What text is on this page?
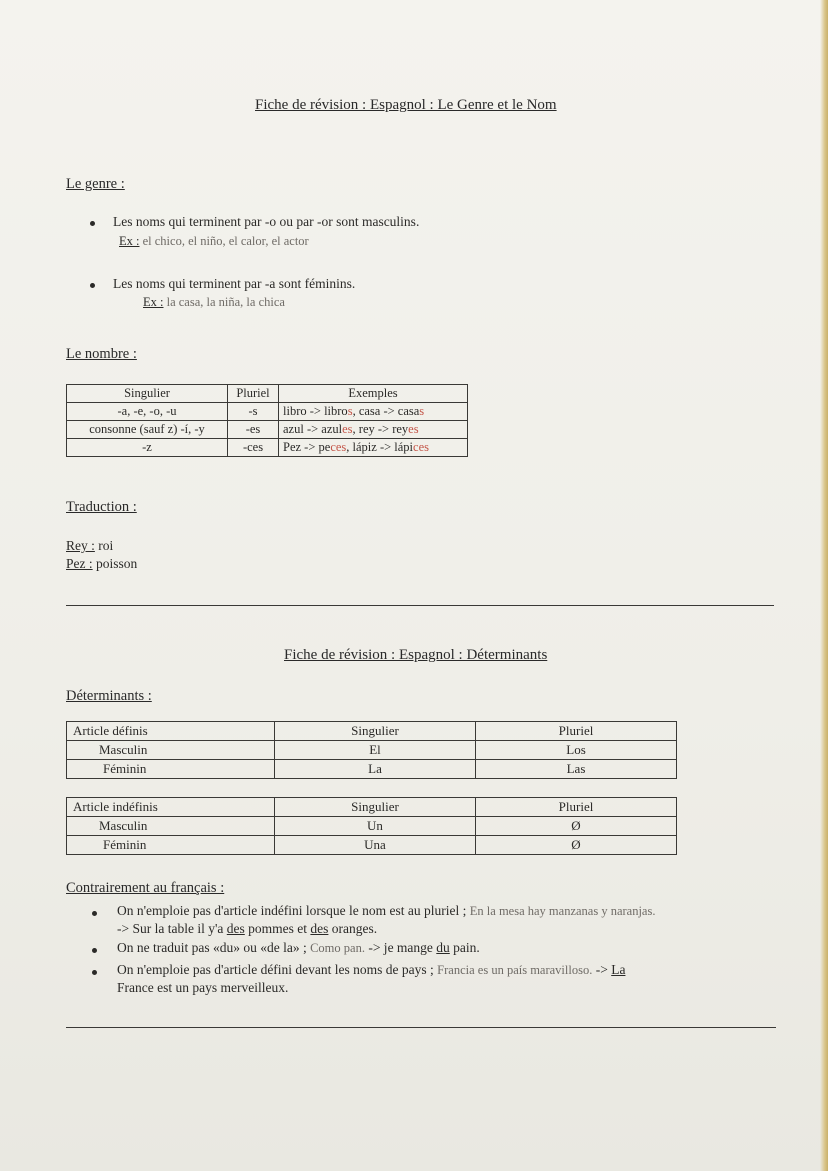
Fiche de révision : Espagnol : Le Genre et le Nom
Le genre :
Les noms qui terminent par -o ou par -or sont masculins.
Ex : el chico, el niño, el calor, el actor
Les noms qui terminent par -a sont féminins.
Ex : la casa, la niña, la chica
Le nombre :
Singulier	Pluriel	Exemples
-a, -e, -o, -u	-s	libro -> libros, casa -> casas
consonne (sauf z) -í, -y	-es	azul -> azules, rey -> reyes
-z	-ces	Pez -> peces, lápiz -> lápices
Traduction :
Rey : roi
Pez : poisson
Fiche de révision : Espagnol : Déterminants
Déterminants :
Article définis	Singulier	Pluriel
Masculin	El	Los
Féminin	La	Las
Article indéfinis	Singulier	Pluriel
Masculin	Un	Ø
Féminin	Una	Ø
Contrairement au français :
On n'emploie pas d'article indéfini lorsque le nom est au pluriel ; En la mesa hay manzanas y naranjas.
-> Sur la table il y'a des pommes et des oranges.
On ne traduit pas «du» ou «de la» ; Como pan. -> je mange du pain.
On n'emploie pas d'article défini devant les noms de pays ; Francia es un país maravilloso. -> La
France est un pays merveilleux.
